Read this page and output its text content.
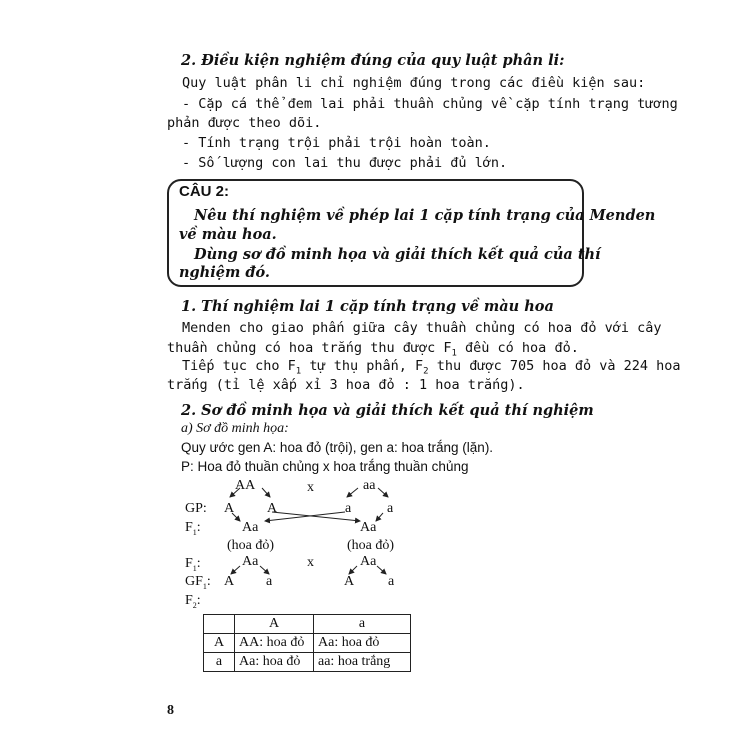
2. Điều kiện nghiệm đúng của quy luật phân li:
Quy luật phân li chỉ nghiệm đúng trong các điều kiện sau:
- Cặp cá thể đem lai phải thuần chủng về cặp tính trạng tương
phản được theo dõi.
- Tính trạng trội phải trội hoàn toàn.
- Số lượng con lai thu được phải đủ lớn.
CÂU 2:
Nêu thí nghiệm về phép lai 1 cặp tính trạng của Menden
về màu hoa.
Dùng sơ đồ minh họa và giải thích kết quả của thí
nghiệm đó.
1. Thí nghiệm lai 1 cặp tính trạng về màu hoa
Menden cho giao phấn giữa cây thuần chủng có hoa đỏ với cây
thuần chủng có hoa trắng thu được $F_1$ đều có hoa đỏ.
Tiếp tục cho $F_1$ tự thụ phấn, $F_2$ thu được 705 hoa đỏ và 224 hoa
trắng (tỉ lệ xấp xỉ 3 hoa đỏ : 1 hoa trắng).
2. Sơ đồ minh họa và giải thích kết quả thí nghiệm
a) Sơ đồ minh họa:
Quy ước gen A: hoa đỏ (trội), gen a: hoa trắng (lặn).
P: Hoa đỏ thuần chủng x hoa trắng thuần chủng
AA	x	aa
GP: A A	a	a
$F_1$:	Aa	Aa
(hoa đỏ)	(hoa đỏ)
$F_1$:	Aa	x	Aa
$GF_1$: A a	A a
$F_2$:
	A	a
A	AA: hoa đỏ	Aa: hoa đỏ
a	Aa: hoa đỏ	aa: hoa trắng
8
